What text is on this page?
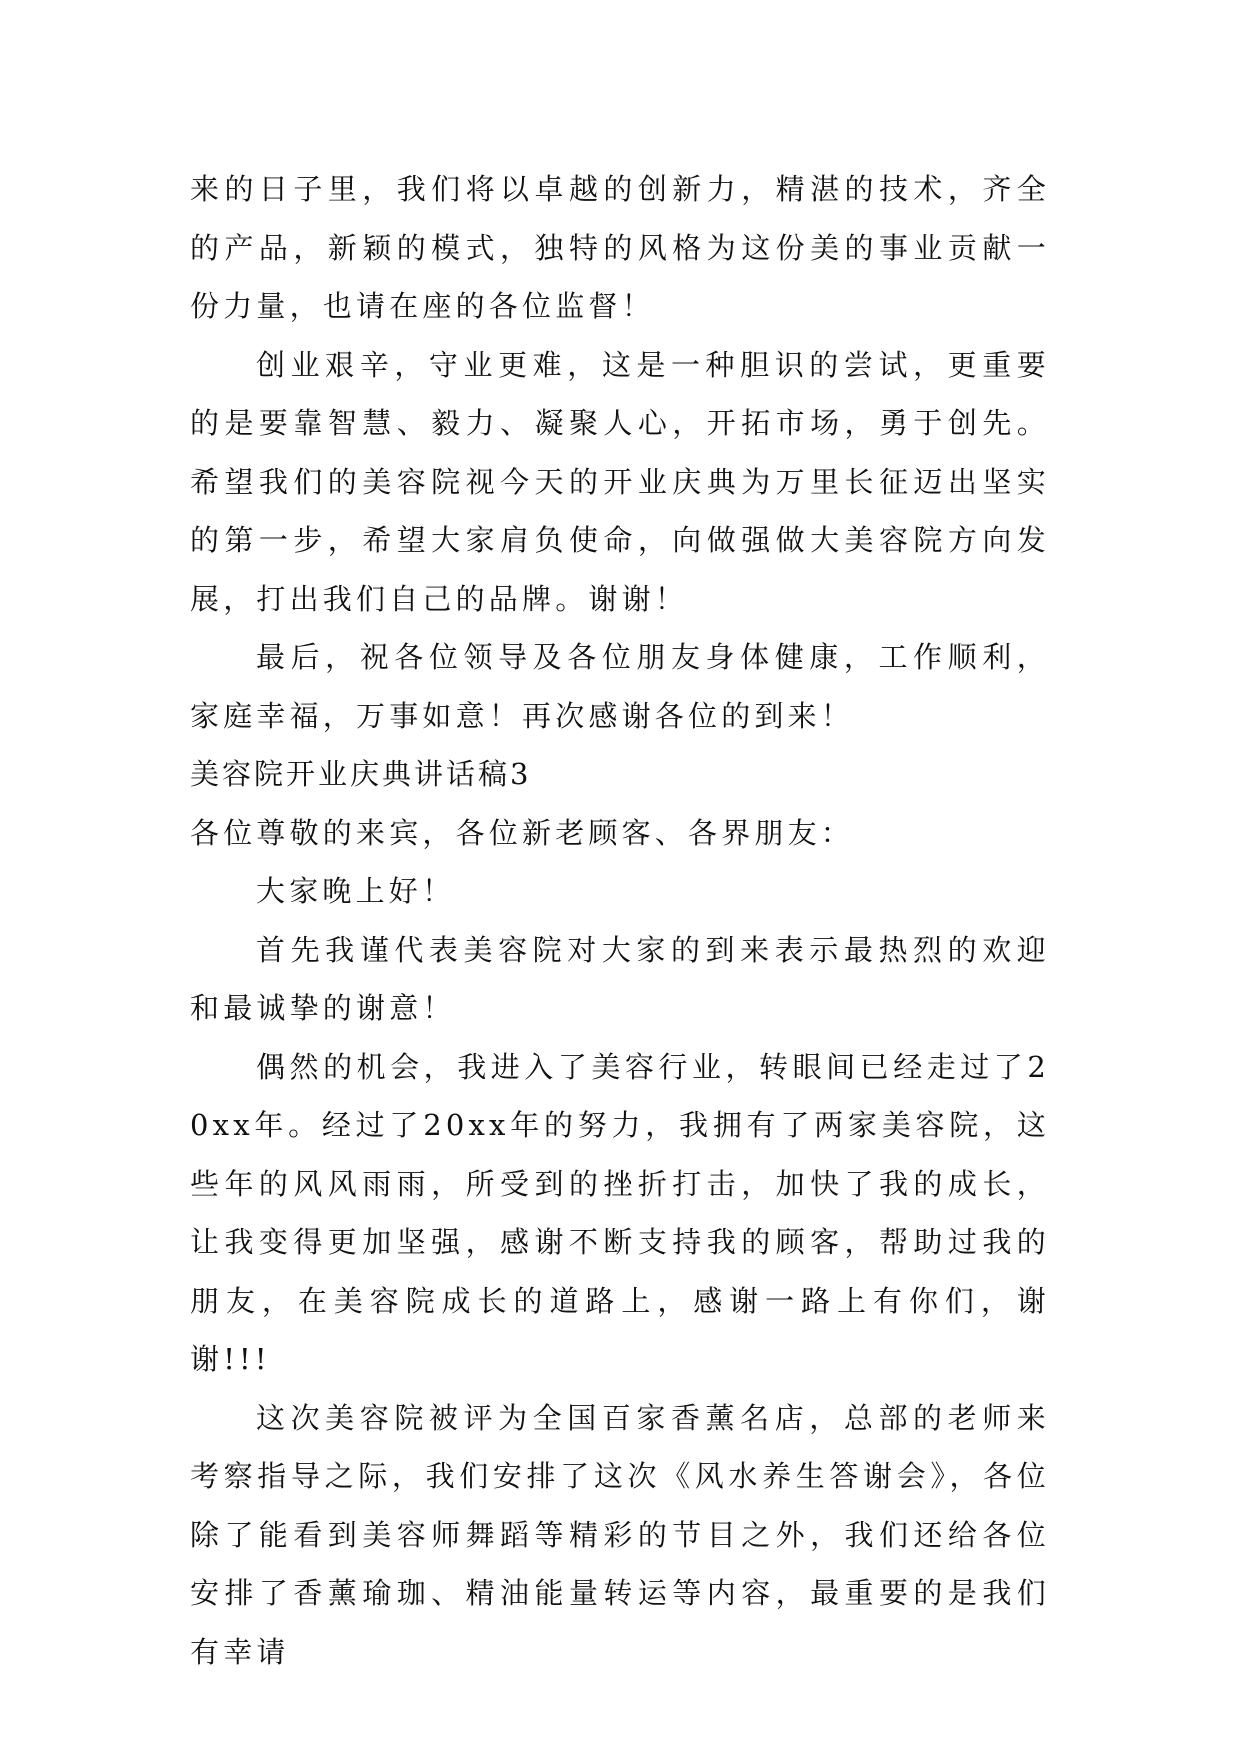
来的日子里，我们将以卓越的创新力，精湛的技术，齐全的产品，新颖的模式，独特的风格为这份美的事业贡献一份力量，也请在座的各位监督！

创业艰辛，守业更难，这是一种胆识的尝试，更重要的是要靠智慧、毅力、凝聚人心，开拓市场，勇于创先。希望我们的美容院视今天的开业庆典为万里长征迈出坚实的第一步，希望大家肩负使命，向做强做大美容院方向发展，打出我们自己的品牌。谢谢！

最后，祝各位领导及各位朋友身体健康，工作顺利，家庭幸福，万事如意！再次感谢各位的到来！

美容院开业庆典讲话稿3

各位尊敬的来宾，各位新老顾客、各界朋友：

大家晚上好！

首先我谨代表美容院对大家的到来表示最热烈的欢迎和最诚挚的谢意！

偶然的机会，我进入了美容行业，转眼间已经走过了20xx年。经过了20xx年的努力，我拥有了两家美容院，这些年的风风雨雨，所受到的挫折打击，加快了我的成长，让我变得更加坚强，感谢不断支持我的顾客，帮助过我的朋友，在美容院成长的道路上，感谢一路上有你们，谢谢!!!

这次美容院被评为全国百家香薰名店，总部的老师来考察指导之际，我们安排了这次《风水养生答谢会》，各位除了能看到美容师舞蹈等精彩的节目之外，我们还给各位安排了香薰瑜珈、精油能量转运等内容，最重要的是我们有幸请
